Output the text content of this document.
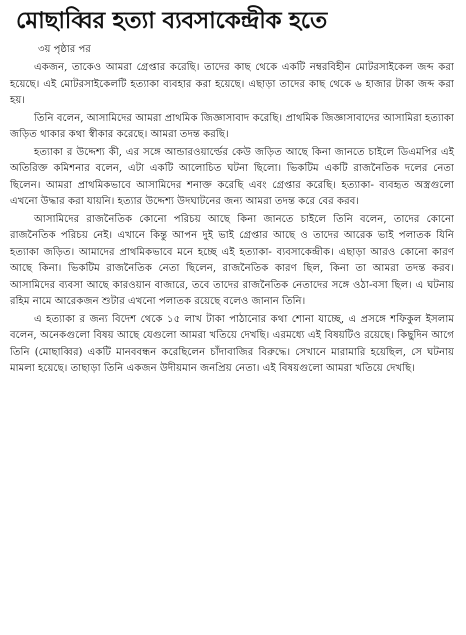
মোছাব্বির হত্যা ব্যবসাকেন্দ্রীক হতে
৩য় পৃষ্ঠার পর

একজন, তাকেও আমরা গ্রেপ্তার করেছি। তাদের কাছ থেকে একটি নম্বরবিহীন মোটরসাইকেল জব্দ করা হয়েছে। এই মোটরসাইকেলটি হত্যাকা ব্যবহার করা হয়েছে। এছাড়া তাদের কাছ থেকে ৬ হাজার টাকা জব্দ করা হয়।

তিনি বলেন, আসামিদের আমরা প্রাথমিক জিজ্ঞাসাবাদ করেছি। প্রাথমিক জিজ্ঞাসাবাদের আসামিরা হত্যাকা জড়িত থাকার কথা স্বীকার করেছে। আমরা তদন্ত করছি।

হত্যাকা র উদ্দেশ্য কী, এর সঙ্গে আন্ডারওয়ার্ল্ডের কেউ জড়িত আছে কিনা জানতে চাইলে ডিএমপির এই অতিরিক্ত কমিশনার বলেন, এটা একটি আলোচিত ঘটনা ছিলো। ভিকটিম একটি রাজনৈতিক দলের নেতা ছিলেন। আমরা প্রাথমিকভাবে আসামিদের শনাক্ত করেছি এবং গ্রেপ্তার করেছি। হত্যাকা- ব্যবহৃত অস্ত্রগুলো এখনো উদ্ধার করা যায়নি। হত্যার উদ্দেশ্য উদঘাটনের জন্য আমরা তদন্ত করে বের করব।

আসামিদের রাজনৈতিক কোনো পরিচয় আছে কিনা জানতে চাইলে তিনি বলেন, তাদের কোনো রাজনৈতিক পরিচয় নেই। এখানে কিন্তু আপন দুই ভাই গ্রেপ্তার আছে ও তাদের আরেক ভাই পলাতক যিনি হত্যাকা জড়িত। আমাদের প্রাথমিকভাবে মনে হচ্ছে এই হত্যাকা- ব্যবসাকেন্দ্রীক। এছাড়া আরও কোনো কারণ আছে কিনা। ভিকটিম রাজনৈতিক নেতা ছিলেন, রাজনৈতিক কারণ ছিল, কিনা তা আমরা তদন্ত করব। আসামিদের ব্যবসা আছে কারওয়ান বাজারে, তবে তাদের রাজনৈতিক নেতাদের সঙ্গে ওঠা-বসা ছিল। এ ঘটনায় রহিম নামে আরেকজন শুটার এখনো পলাতক রয়েছে বলেও জানান তিনি।

এ হত্যাকা র জন্য বিদেশ থেকে ১৫ লাখ টাকা পাঠানোর কথা শোনা যাচ্ছে, এ প্রসঙ্গে শফিকুল ইসলাম বলেন, অনেকগুলো বিষয় আছে যেগুলো আমরা খতিয়ে দেখছি। এরমধ্যে এই বিষয়টিও রয়েছে। কিছুদিন আগে তিনি (মোছাব্বির) একটি মানববন্ধন করেছিলেন চাঁদাবাজির বিরুদ্ধে। সেখানে মারামারি হয়েছিল, সে ঘটনায় মামলা হয়েছে। তাছাড়া তিনি একজন উদীয়মান জনপ্রিয় নেতা। এই বিষয়গুলো আমরা খতিয়ে দেখছি।
